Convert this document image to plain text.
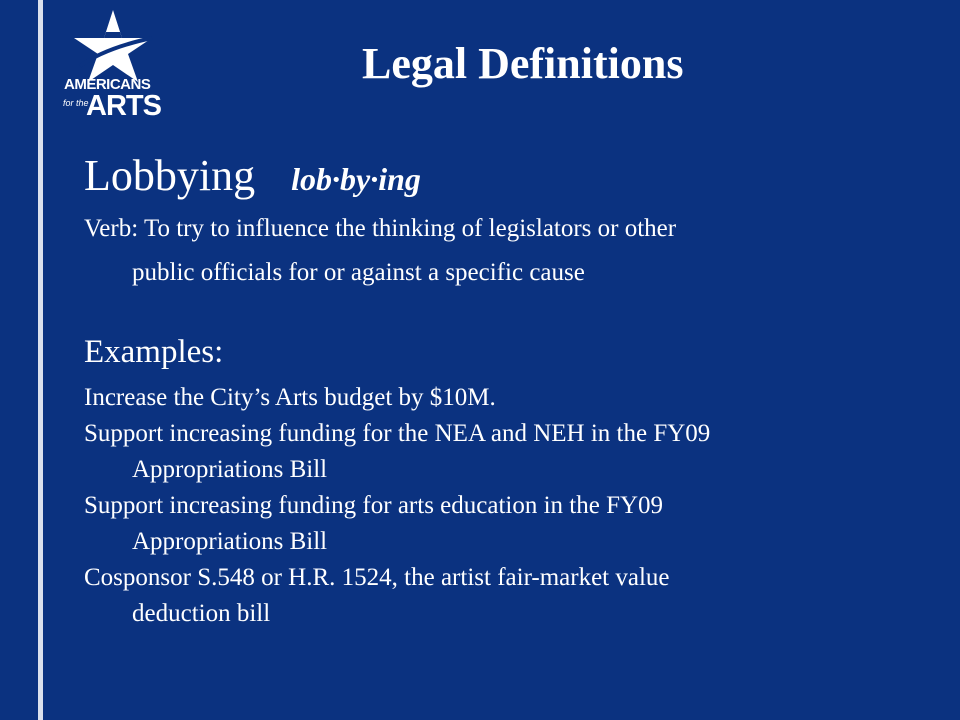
AMERICANS
for the
ARTS
Legal Definitions
Lobbying lob·by·ing
Verb: To try to influence the thinking of legislators or other
public officials for or against a specific cause
Examples:
Increase the City’s Arts budget by $10M.
Support increasing funding for the NEA and NEH in the FY09
Appropriations Bill
Support increasing funding for arts education in the FY09
Appropriations Bill
Cosponsor S.548 or H.R. 1524, the artist fair-market value
deduction bill
